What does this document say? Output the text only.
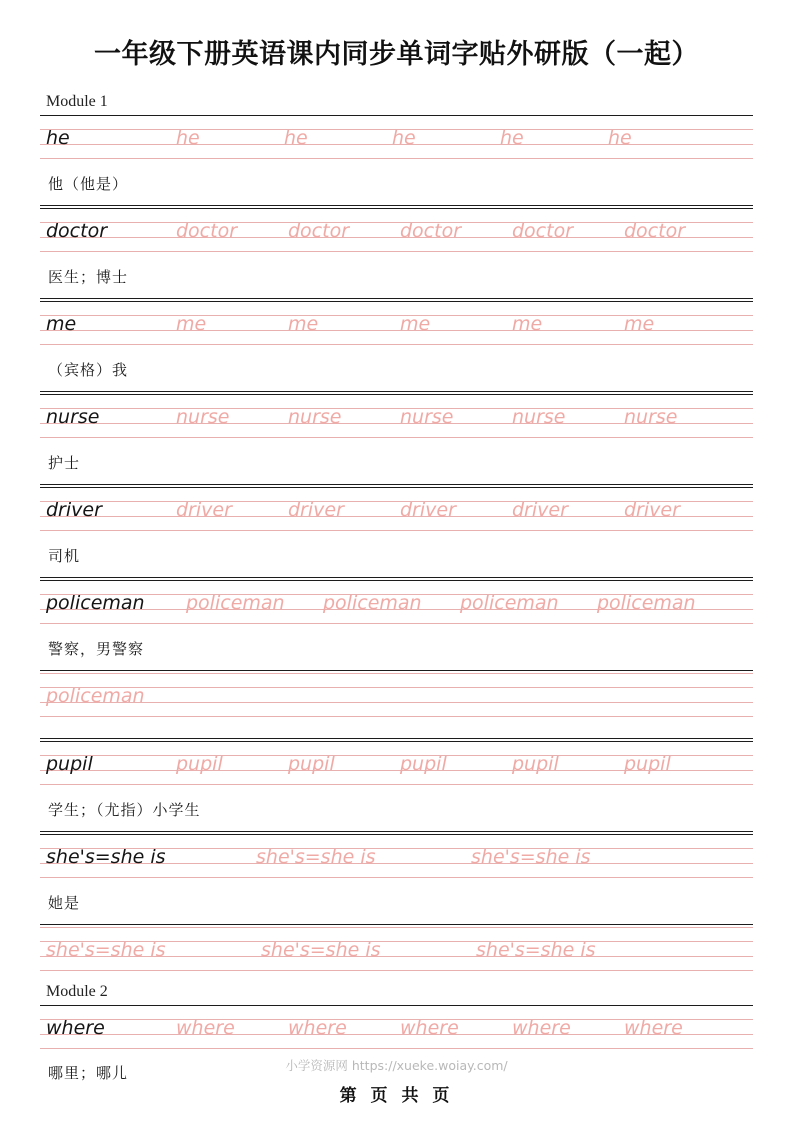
一年级下册英语课内同步单词字贴外研版（一起）
Module 1
he	he	he	he	he	he
他（他是）
doctor	doctor	doctor	doctor	doctor	doctor
医生；博士
me	me	me	me	me	me
（宾格）我
nurse	nurse	nurse	nurse	nurse	nurse
护士
driver	driver	driver	driver	driver	driver
司机
policeman	policeman	policeman	policeman	policeman
警察，男警察
policeman
pupil	pupil	pupil	pupil	pupil	pupil
学生；（尤指）小学生
she's=she is	she's=she is	she's=she is
她是
she's=she is	she's=she is	she's=she is
Module 2
where	where	where	where	where	where
哪里；哪儿	小学资源网 https://xueke.woiay.com/
第 页 共 页
